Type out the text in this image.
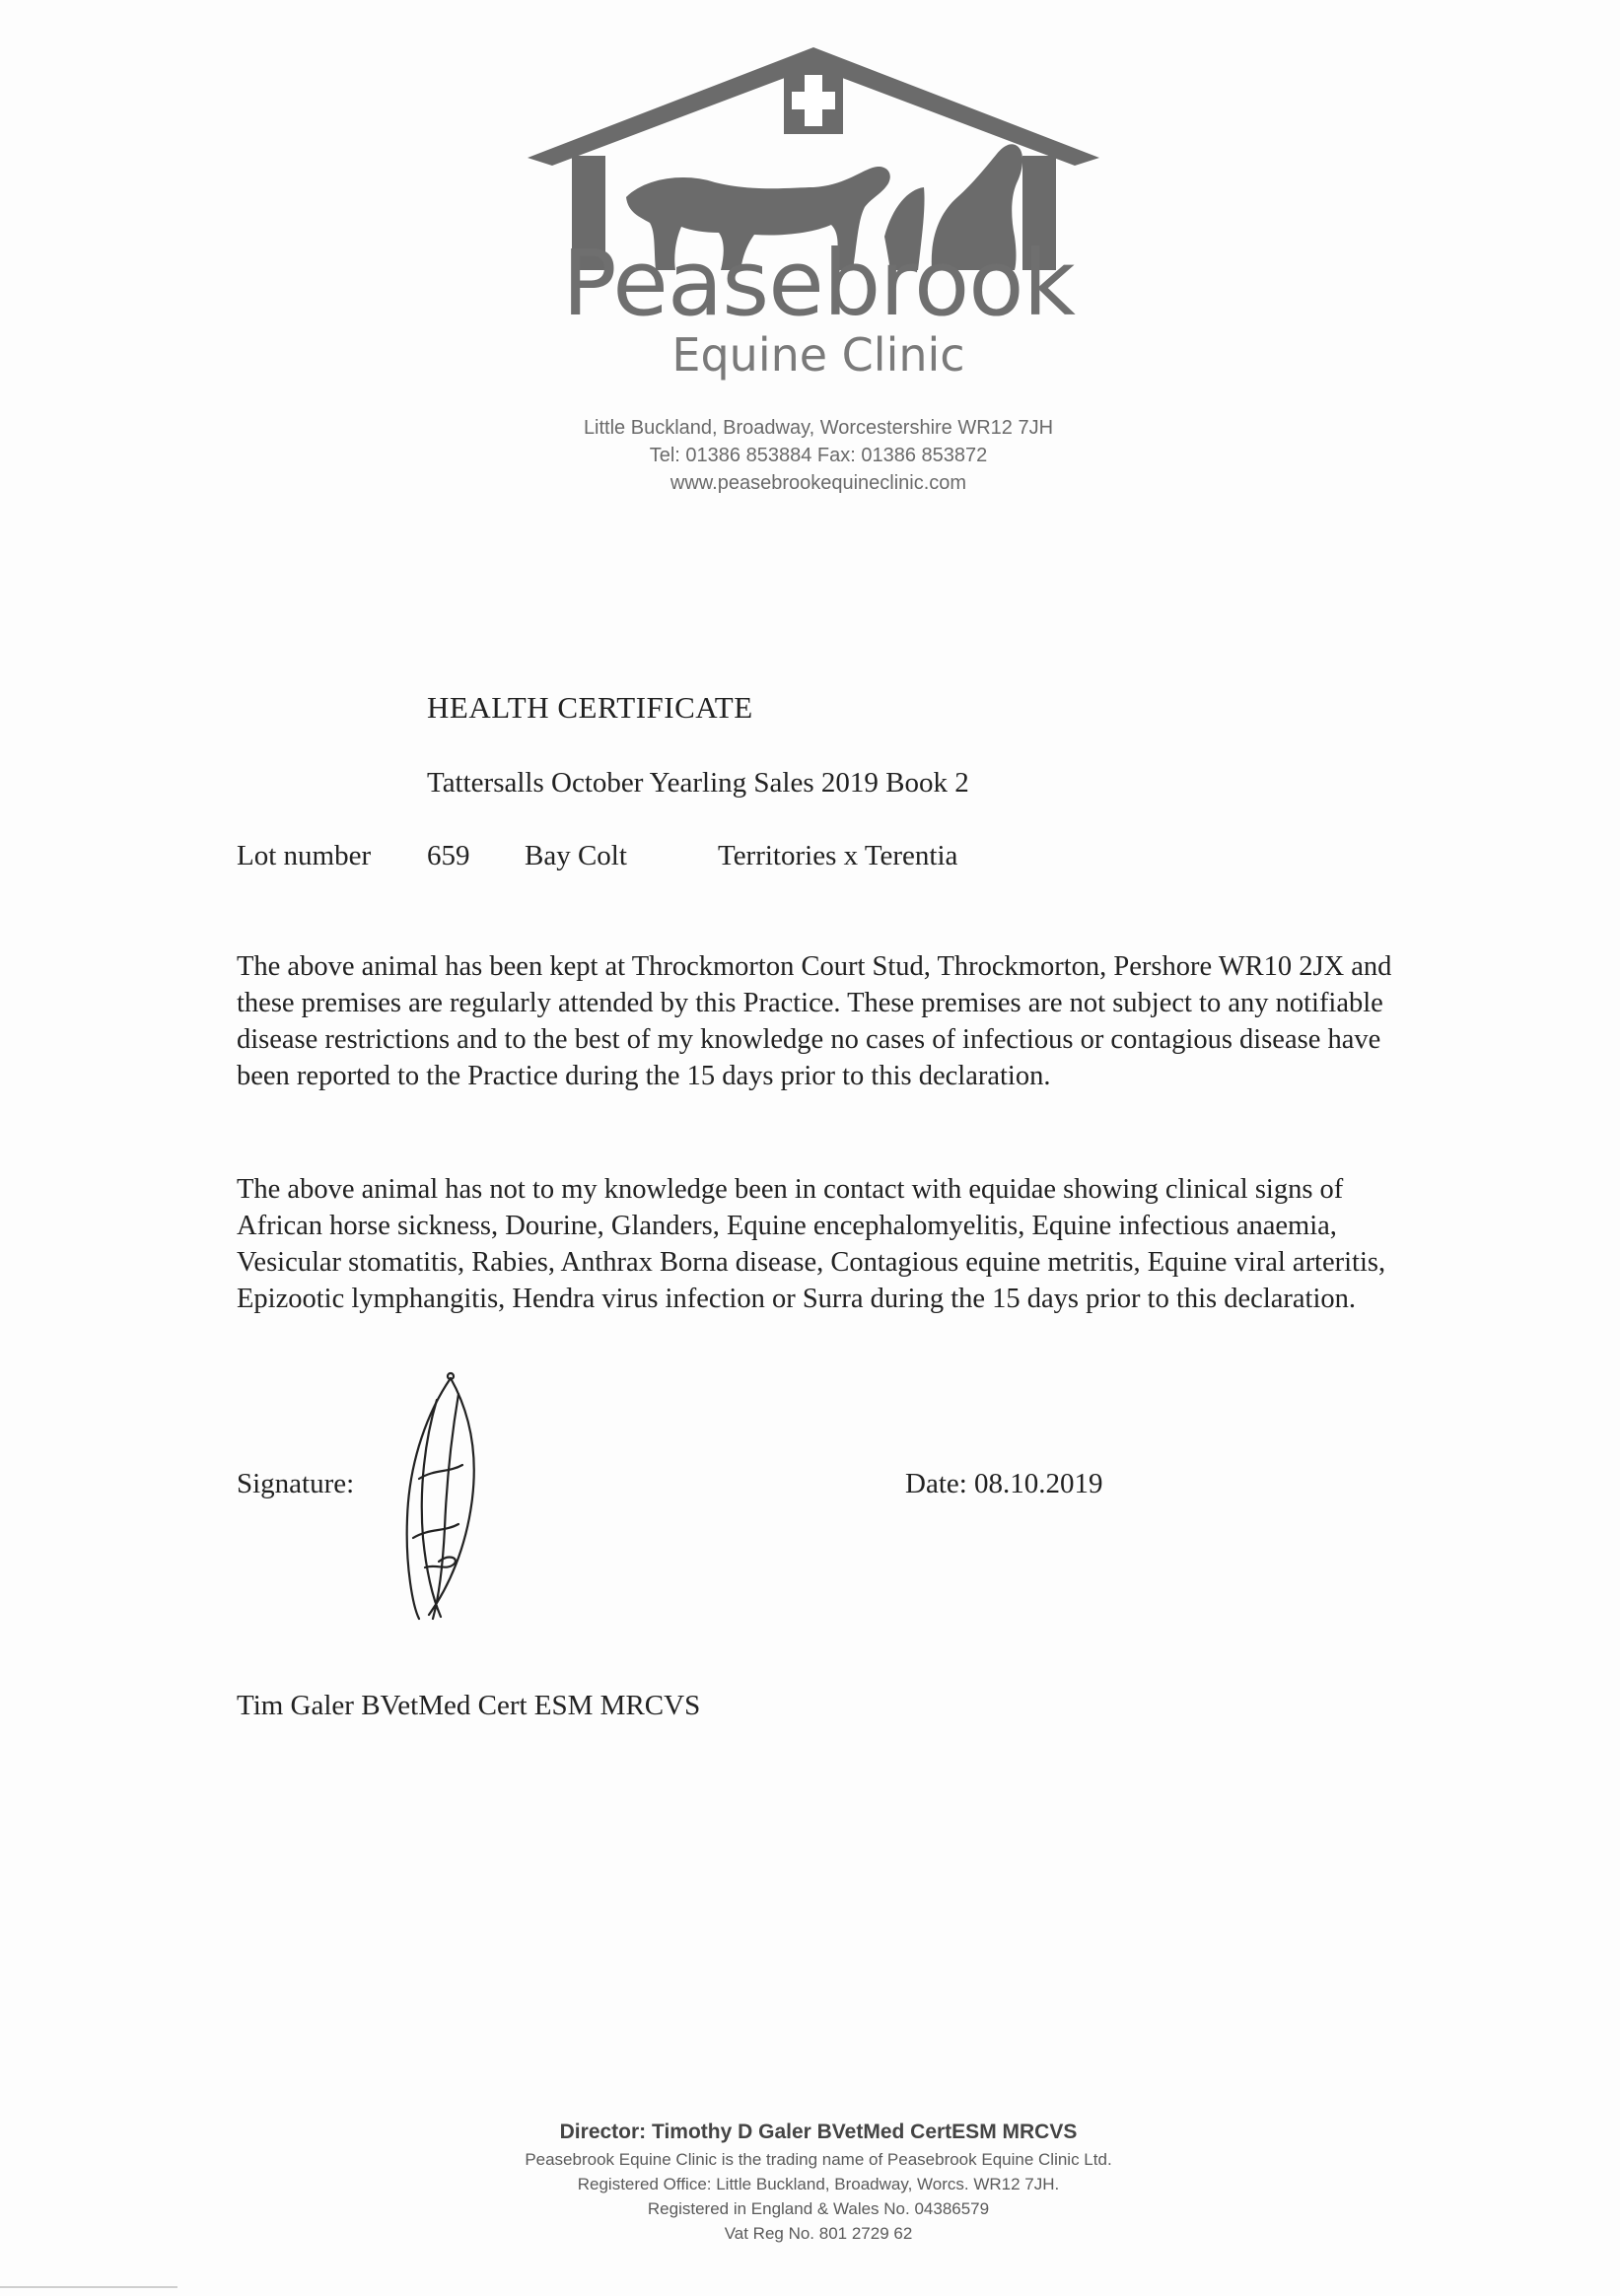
Peasebrook
Equine Clinic
Little Buckland, Broadway, Worcestershire WR12 7JH
Tel: 01386 853884 Fax: 01386 853872
www.peasebrookequineclinic.com
HEALTH CERTIFICATE
Tattersalls October Yearling Sales 2019 Book 2
Lot number 659 Bay Colt	Territories x Terentia

The above animal has been kept at Throckmorton Court Stud, Throckmorton, Pershore WR10 2JX and these premises are regularly attended by this Practice. These premises are not subject to any notifiable disease restrictions and to the best of my knowledge no cases of infectious or contagious disease have been reported to the Practice during the 15 days prior to this declaration.

The above animal has not to my knowledge been in contact with equidae showing clinical signs of African horse sickness, Dourine, Glanders, Equine encephalomyelitis, Equine infectious anaemia, Vesicular stomatitis, Rabies, Anthrax Borna disease, Contagious equine metritis, Equine viral arteritis, Epizootic lymphangitis, Hendra virus infection or Surra during the 15 days prior to this declaration.

Signature:	Date: 08.10.2019
Tim Galer BVetMed Cert ESM MRCVS
Director: Timothy D Galer BVetMed CertESM MRCVS
Peasebrook Equine Clinic is the trading name of Peasebrook Equine Clinic Ltd.
Registered Office: Little Buckland, Broadway, Worcs. WR12 7JH.
Registered in England & Wales No. 04386579
Vat Reg No. 801 2729 62
